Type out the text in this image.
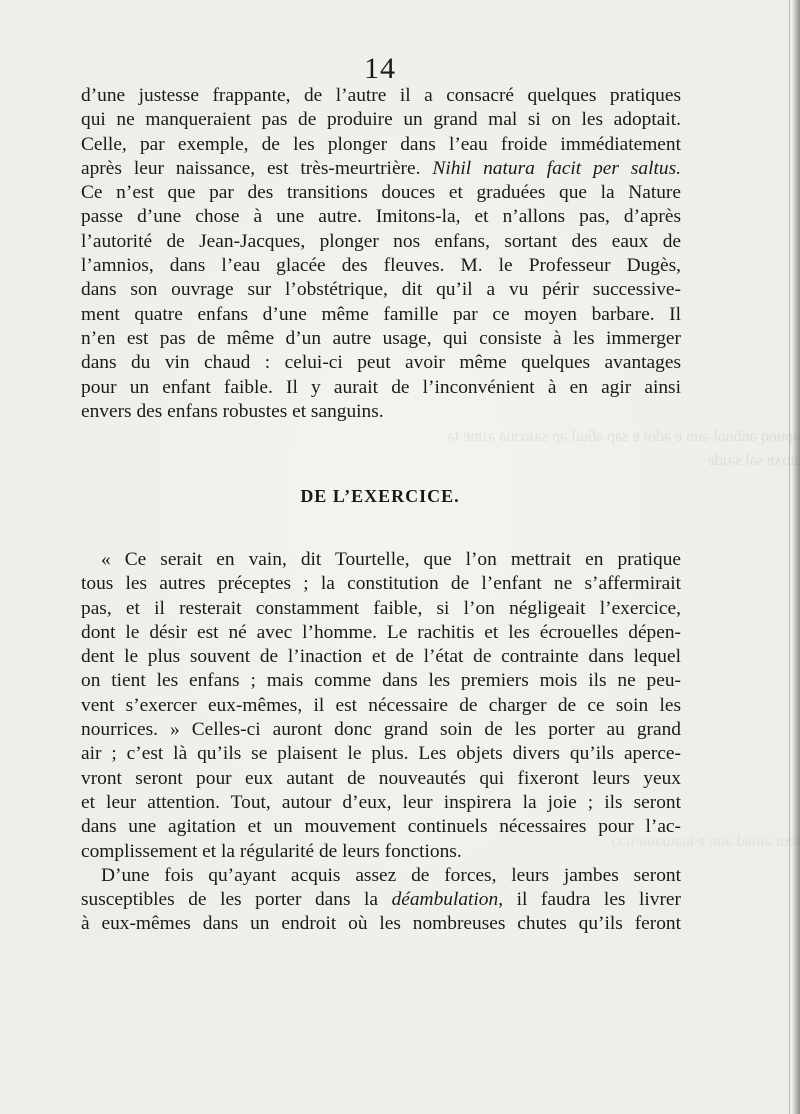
ǝpuoq ǝnƃuol ǝun ɐ ǝdoʇ ɐ sǝp ǝƃuıl ǝp sǝɹoɔuǝ ǝɹʇnɐ ʇǝ ɹıoʌɐ sǝl sǝɹdɐ
ʇɐɯ ǝʇıʇǝd ǝun ɐ ʇuǝɯǝuıɐʇɹǝɔ
14
d’une justesse frappante, de l’autre il a consacré quelques pratiques
qui ne manqueraient pas de produire un grand mal si on les adoptait.
Celle, par exemple, de les plonger dans l’eau froide immédiatement
après leur naissance, est très-meurtrière. Nihil natura facit per saltus.
Ce n’est que par des transitions douces et graduées que la Nature
passe d’une chose à une autre. Imitons-la, et n’allons pas, d’après
l’autorité de Jean-Jacques, plonger nos enfans, sortant des eaux de
l’amnios, dans l’eau glacée des fleuves. M. le Professeur Dugès,
dans son ouvrage sur l’obstétrique, dit qu’il a vu périr successive-
ment quatre enfans d’une même famille par ce moyen barbare. Il
n’en est pas de même d’un autre usage, qui consiste à les immerger
dans du vin chaud : celui-ci peut avoir même quelques avantages
pour un enfant faible. Il y aurait de l’inconvénient à en agir ainsi
envers des enfans robustes et sanguins.
DE L’EXERCICE.
« Ce serait en vain, dit Tourtelle, que l’on mettrait en pratique
tous les autres préceptes ; la constitution de l’enfant ne s’affermirait
pas, et il resterait constamment faible, si l’on négligeait l’exercice,
dont le désir est né avec l’homme. Le rachitis et les écrouelles dépen-
dent le plus souvent de l’inaction et de l’état de contrainte dans lequel
on tient les enfans ; mais comme dans les premiers mois ils ne peu-
vent s’exercer eux-mêmes, il est nécessaire de charger de ce soin les
nourrices. » Celles-ci auront donc grand soin de les porter au grand
air ; c’est là qu’ils se plaisent le plus. Les objets divers qu’ils aperce-
vront seront pour eux autant de nouveautés qui fixeront leurs yeux
et leur attention. Tout, autour d’eux, leur inspirera la joie ; ils seront
dans une agitation et un mouvement continuels nécessaires pour l’ac-
complissement et la régularité de leurs fonctions.
D’une fois qu’ayant acquis assez de forces, leurs jambes seront
susceptibles de les porter dans la déambulation, il faudra les livrer
à eux-mêmes dans un endroit où les nombreuses chutes qu’ils feront
